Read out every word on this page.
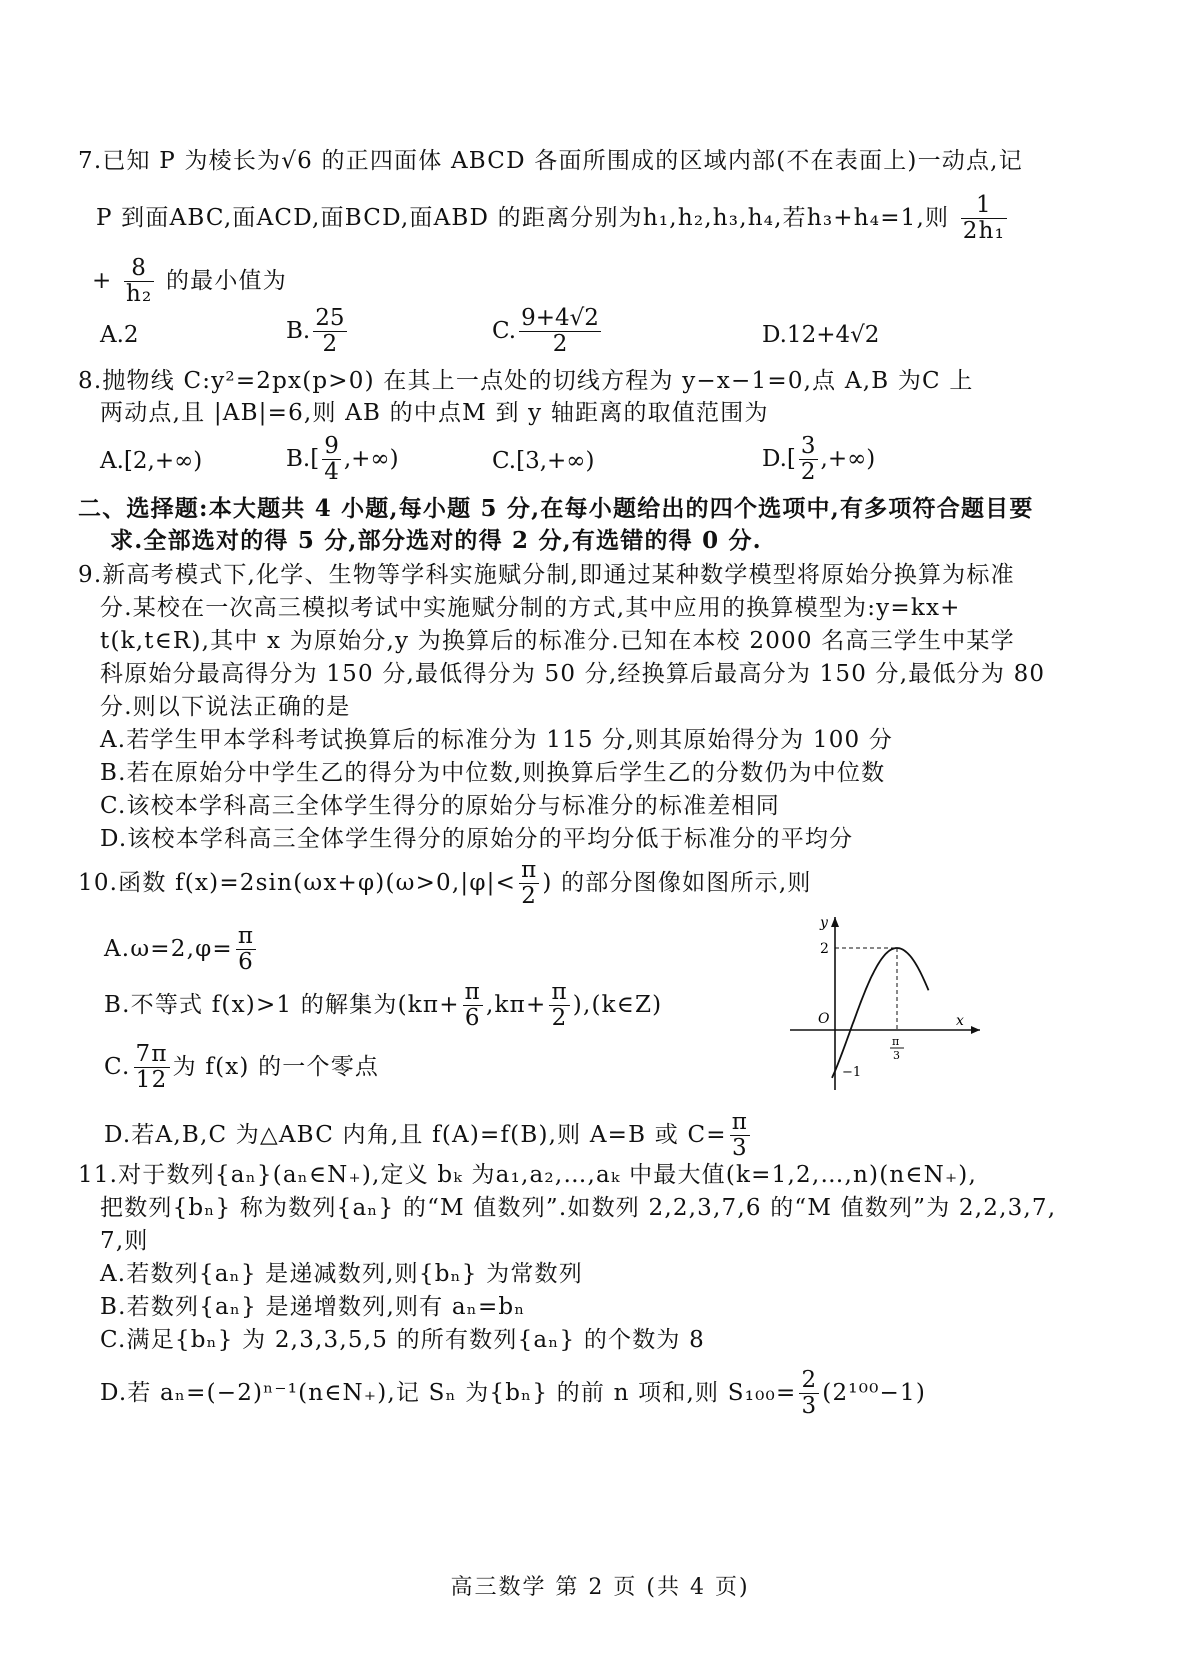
7.已知 P 为棱长为√6 的正四面体 ABCD 各面所围成的区域内部(不在表面上)一动点,记
P 到面ABC,面ACD,面BCD,面ABD 的距离分别为h₁,h₂,h₃,h₄,若h₃+h₄=1,则 $\frac{1}{\text{2h₁}}$
+ $\frac{8}{\text{h₂}}$ 的最小值为
A.2	B. $\frac{25}{2}$	C. $\frac{9+4√2}{2}$	D.12+4√2
8.抛物线 C:y²=2px(p>0) 在其上一点处的切线方程为 y−x−1=0,点 A,B 为C 上
两动点,且 |AB|=6,则 AB 的中点M 到 y 轴距离的取值范围为
A.[2,+∞)	$B.[ \frac{9}{4}$ ,+∞)	C.[3,+∞)	$D.[ \frac{3}{2}$ ,+∞)
二、选择题:本大题共 4 小题,每小题 5 分,在每小题给出的四个选项中,有多项符合题目要
求.全部选对的得 5 分,部分选对的得 2 分,有选错的得 0 分.
9.新高考模式下,化学、生物等学科实施赋分制,即通过某种数学模型将原始分换算为标准
分.某校在一次高三模拟考试中实施赋分制的方式,其中应用的换算模型为:y=kx+
t(k,t∈R),其中 x 为原始分,y 为换算后的标准分.已知在本校 2000 名高三学生中某学
科原始分最高得分为 150 分,最低得分为 50 分,经换算后最高分为 150 分,最低分为 80
分.则以下说法正确的是
A.若学生甲本学科考试换算后的标准分为 115 分,则其原始得分为 100 分
B.若在原始分中学生乙的得分为中位数,则换算后学生乙的分数仍为中位数
C.该校本学科高三全体学生得分的原始分与标准分的标准差相同
D.该校本学科高三全体学生得分的原始分的平均分低于标准分的平均分
10.函数 $f(x)=2\sin(\omega x+\varphi)(\omega>0,|\varphi|< \frac{\pi}{2}$ ) 的部分图像如图所示,则
$A.\omega=2,\varphi= \frac{\pi}{6}$
B.不等式 f(x)>1 的解集为($k\pi+ \frac{\pi}{6} ,k\pi+ \frac{\pi}{2}$ ),(k∈Z)
C. $\frac{7\pi}{12}$ 为 f(x) 的一个零点
D.若A,B,C 为△ABC 内角,且 f(A)=f(B),则 A=B 或 $C= \frac{\pi}{3}$
y
x
O
2
−1
π
3
11.对于数列{aₙ}(aₙ∈N₊),定义 bₖ 为a₁,a₂,…,aₖ 中最大值(k=1,2,…,n)(n∈N₊),
把数列{bₙ} 称为数列{aₙ} 的“M 值数列”.如数列 2,2,3,7,6 的“M 值数列”为 2,2,3,7,
7,则
A.若数列{aₙ} 是递减数列,则{bₙ} 为常数列
B.若数列{aₙ} 是递增数列,则有 aₙ=bₙ
C.满足{bₙ} 为 2,3,3,5,5 的所有数列{aₙ} 的个数为 8
D.若 aₙ=(−2)ⁿ⁻¹(n∈N₊),记 Sₙ 为{bₙ} 的前 n 项和,则 $S_{100}= \frac{2}{3} (2^{100}-1)$
高三数学 第 2 页 (共 4 页)
